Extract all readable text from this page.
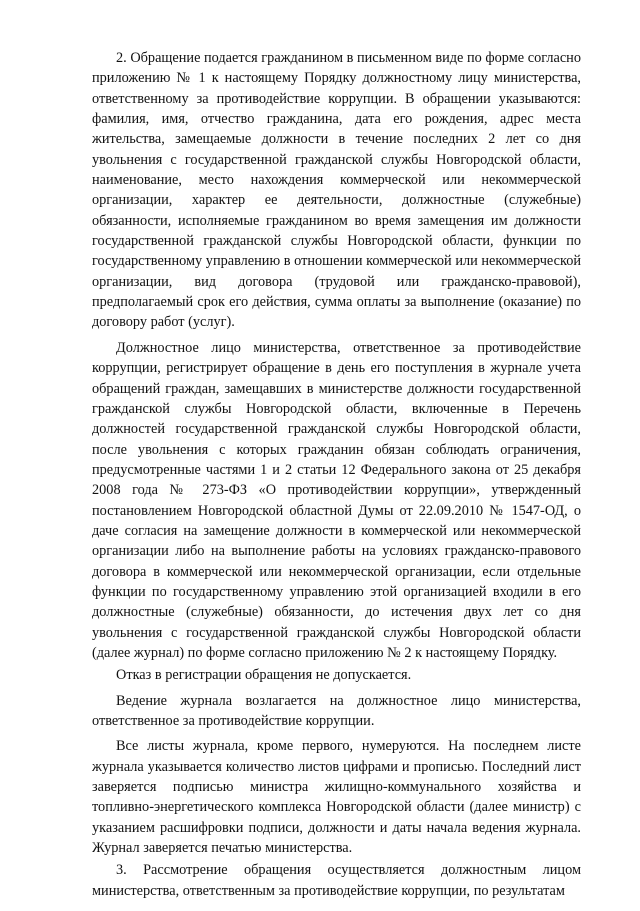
2. Обращение подается гражданином в письменном виде по форме согласно приложению № 1 к настоящему Порядку должностному лицу министерства, ответственному за противодействие коррупции. В обращении указываются: фамилия, имя, отчество гражданина, дата его рождения, адрес места жительства, замещаемые должности в течение последних 2 лет со дня увольнения с государственной гражданской службы Новгородской области, наименование, место нахождения коммерческой или некоммерческой организации, характер ее деятельности, должностные (служебные) обязанности, исполняемые гражданином во время замещения им должности государственной гражданской службы Новгородской области, функции по государственному управлению в отношении коммерческой или некоммерческой организации, вид договора (трудовой или гражданско-правовой), предполагаемый срок его действия, сумма оплаты за выполнение (оказание) по договору работ (услуг).

Должностное лицо министерства, ответственное за противодействие коррупции, регистрирует обращение в день его поступления в журнале учета обращений граждан, замещавших в министерстве должности государственной гражданской службы Новгородской области, включенные в Перечень должностей государственной гражданской службы Новгородской области, после увольнения с которых гражданин обязан соблюдать ограничения, предусмотренные частями 1 и 2 статьи 12 Федерального закона от 25 декабря 2008 года № 273-ФЗ «О противодействии коррупции», утвержденный постановлением Новгородской областной Думы от 22.09.2010 № 1547-ОД, о даче согласия на замещение должности в коммерческой или некоммерческой организации либо на выполнение работы на условиях гражданско-правового договора в коммерческой или некоммерческой организации, если отдельные функции по государственному управлению этой организацией входили в его должностные (служебные) обязанности, до истечения двух лет со дня увольнения с государственной гражданской службы Новгородской области (далее журнал) по форме согласно приложению № 2 к настоящему Порядку.

Отказ в регистрации обращения не допускается.

Ведение журнала возлагается на должностное лицо министерства, ответственное за противодействие коррупции.

Все листы журнала, кроме первого, нумеруются. На последнем листе журнала указывается количество листов цифрами и прописью. Последний лист заверяется подписью министра жилищно-коммунального хозяйства и топливно-энергетического комплекса Новгородской области (далее министр) с указанием расшифровки подписи, должности и даты начала ведения журнала. Журнал заверяется печатью министерства.

3. Рассмотрение обращения осуществляется должностным лицом министерства, ответственным за противодействие коррупции, по результатам
